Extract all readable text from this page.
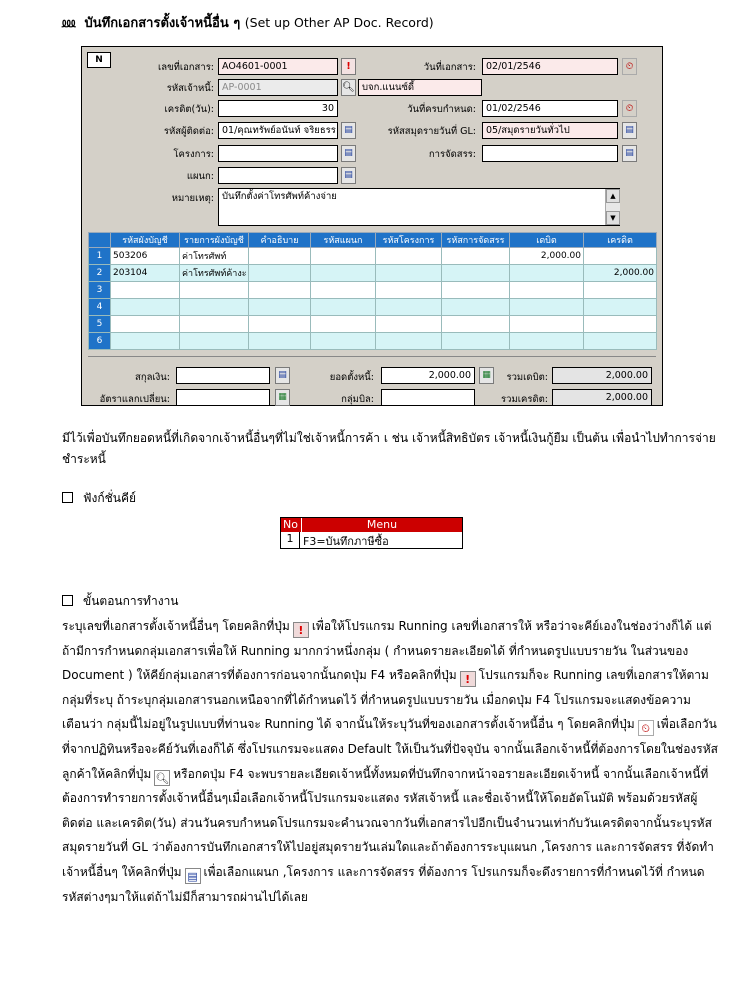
⅏ บันทึกเอกสารตั้งเจ้าหนี้อื่น ๆ (Set up Other AP Doc. Record)
N
เลขที่เอกสาร: AO4601-0001	!	วันที่เอกสาร:	02/01/2546	⏲
รหัสเจ้าหนี้: AP-0001	🔍︎ บจก.แนนซ์ดี้
เครดิต(วัน):	30	วันที่ครบกำหนด:	01/02/2546	⏲
รหัสผู้ติดต่อ: 01/คุณทรัพย์อนันท์ จริยธรร ▤	รหัสสมุดรายวันที่ GL:	05/สมุดรายวันทั่วไป	▤
โครงการ:	▤	การจัดสรร:	▤
แผนก:	▤
หมายเหตุ: บันทึกตั้งค่าโทรศัพท์ค้างจ่าย	▲
▼
	รหัสผังบัญชี	รายการผังบัญชี	คำอธิบาย	รหัสแผนก	รหัสโครงการ	รหัสการจัดสรร	เดบิต	เครดิต
1	503206	ค่าโทรศัพท์					2,000.00	
2	203104	ค่าโทรศัพท์ค้างะ						2,000.00
3								
4								
5								
6								
สกุลเงิน:	▤
อัตราแลกเปลี่ยน:	▦
ยอดตั้งหนี้:	2,000.00	▦
กลุ่มบิล:
รวมเดบิต:	2,000.00
รวมเครดิต:	2,000.00
มีไว้เพื่อบันทึกยอดหนี้ที่เกิดจากเจ้าหนี้อื่นๆที่ไม่ใช่เจ้าหนี้การค้า เ ช่น เจ้าหนี้สิทธิบัตร เจ้าหนี้เงินกู้ยืม เป็นต้น เพื่อนำไปทำการจ่ายชำระหนี้
ฟังก์ชั่นคีย์
No	Menu
1 F3=บันทึกภาษีซื้อ
ขั้นตอนการทำงาน
ระบุเลขที่เอกสารตั้งเจ้าหนี้อื่นๆ โดยคลิกที่ปุ่ม ! เพื่อให้โปรแกรม Running เลขที่เอกสารให้ หรือว่าจะคีย์เองในช่องว่างก็ได้ แต่ถ้ามีการกำหนดกลุ่มเอกสารเพื่อให้ Running มากกว่าหนึ่งกลุ่ม ( กำหนดรายละเอียดได้ ที่กำหนดรูปแบบรายวัน ในส่วนของ Document ) ให้คีย์กลุ่มเอกสารที่ต้องการก่อนจากนั้นกดปุ่ม F4 หรือคลิกที่ปุ่ม ! โปรแกรมก็จะ Running เลขที่เอกสารให้ตามกลุ่มที่ระบุ ถ้าระบุกลุ่มเอกสารนอกเหนือจากที่ได้กำหนดไว้ ที่กำหนดรูปแบบรายวัน เมื่อกดปุ่ม F4 โปรแกรมจะแสดงข้อความเตือนว่า กลุ่มนี้ไม่อยู่ในรูปแบบที่ท่านจะ Running ได้ จากนั้นให้ระบุวันที่ของเอกสารตั้งเจ้าหนี้อื่น ๆ โดยคลิกที่ปุ่ม ⏲ เพื่อเลือกวันที่จากปฏิทินหรือจะคีย์วันที่เองก็ได้ ซึ่งโปรแกรมจะแสดง Default ให้เป็นวันที่ปัจจุบัน จากนั้นเลือกเจ้าหนี้ที่ต้องการโดยในช่องรหัสลูกค้าให้คลิกที่ปุ่ม 🔍︎ หรือกดปุ่ม F4 จะพบรายละเอียดเจ้าหนี้ทั้งหมดที่บันทึกจากหน้าจอรายละเอียดเจ้าหนี้ จากนั้นเลือกเจ้าหนี้ที่ต้องการทำรายการตั้งเจ้าหนี้อื่นๆเมื่อเลือกเจ้าหนี้โปรแกรมจะแสดง รหัสเจ้าหนี้ และชื่อเจ้าหนี้ให้โดยอัตโนมัติ พร้อมด้วยรหัสผู้ติดต่อ และเครดิต(วัน) ส่วนวันครบกำหนดโปรแกรมจะคำนวณจากวันที่เอกสารไปอีกเป็นจำนวนเท่ากับวันเครดิตจากนั้นระบุรหัสสมุดรายวันที่ GL ว่าต้องการบันทึกเอกสารให้ไปอยู่สมุดรายวันเล่มใดและถ้าต้องการระบุแผนก ,โครงการ และการจัดสรร ที่จัดทำเจ้าหนี้อื่นๆ ให้คลิกที่ปุ่ม ▤ เพื่อเลือกแผนก ,โครงการ และการจัดสรร ที่ต้องการ โปรแกรมก็จะดึงรายการที่กำหนดไว้ที่ กำหนดรหัสต่างๆมาให้แต่ถ้าไม่มีก็สามารถผ่านไปได้เลย
